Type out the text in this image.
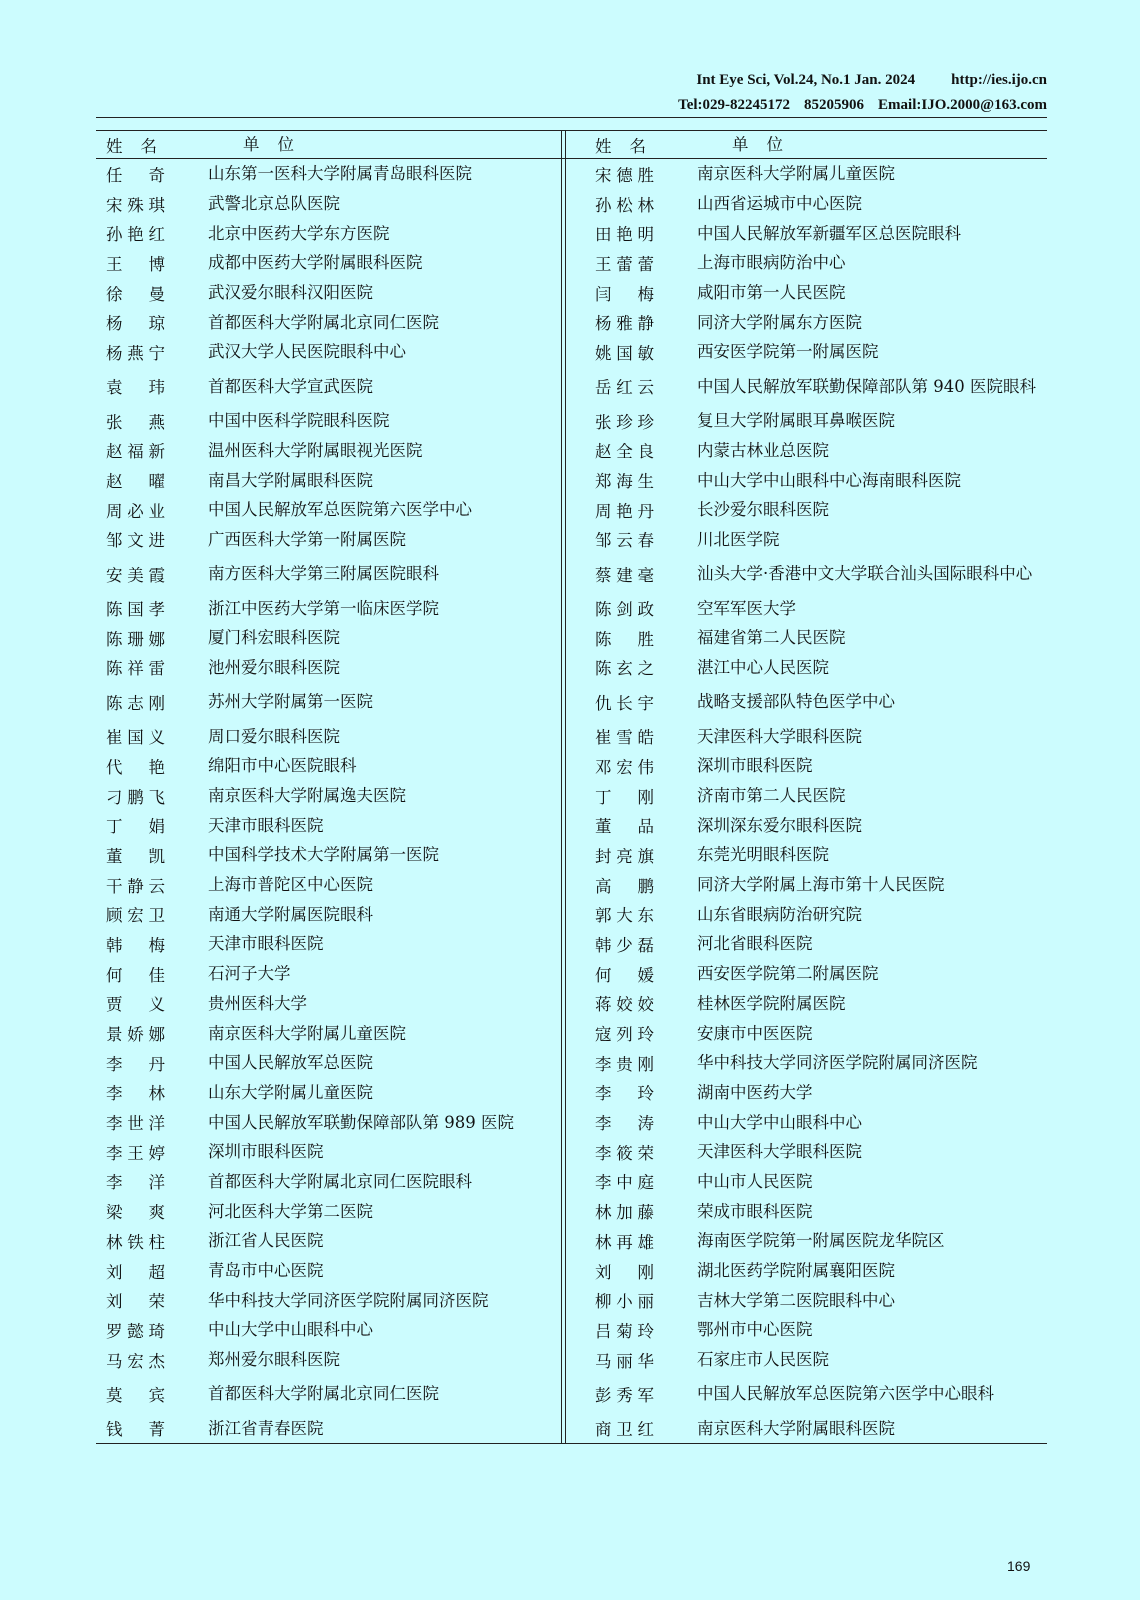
Int Eye Sci, Vol.24, No.1 Jan. 2024 http://ies.ijo.cn
Tel:029-82245172 85205906 Email:IJO.2000@163.com
姓名	单位	姓名	单位
任　奇	山东第一医科大学附属青岛眼科医院	宋德胜	南京医科大学附属儿童医院
宋殊琪	武警北京总队医院	孙松林	山西省运城市中心医院
孙艳红	北京中医药大学东方医院	田艳明	中国人民解放军新疆军区总医院眼科
王　博	成都中医药大学附属眼科医院	王蕾蕾	上海市眼病防治中心
徐　曼	武汉爱尔眼科汉阳医院	闫　梅	咸阳市第一人民医院
杨　琼	首都医科大学附属北京同仁医院	杨雅静	同济大学附属东方医院
杨燕宁	武汉大学人民医院眼科中心	姚国敏	西安医学院第一附属医院
袁　玮	首都医科大学宣武医院	岳红云	中国人民解放军联勤保障部队第 940 医院眼科
张　燕	中国中医科学院眼科医院	张珍珍	复旦大学附属眼耳鼻喉医院
赵福新	温州医科大学附属眼视光医院	赵全良	内蒙古林业总医院
赵　曜	南昌大学附属眼科医院	郑海生	中山大学中山眼科中心海南眼科医院
周必业	中国人民解放军总医院第六医学中心	周艳丹	长沙爱尔眼科医院
邹文进	广西医科大学第一附属医院	邹云春	川北医学院
安美霞	南方医科大学第三附属医院眼科	蔡建毫	汕头大学·香港中文大学联合汕头国际眼科中心
陈国孝	浙江中医药大学第一临床医学院	陈剑政	空军军医大学
陈珊娜	厦门科宏眼科医院	陈　胜	福建省第二人民医院
陈祥雷	池州爱尔眼科医院	陈玄之	湛江中心人民医院
陈志刚	苏州大学附属第一医院	仇长宇	战略支援部队特色医学中心
崔国义	周口爱尔眼科医院	崔雪皓	天津医科大学眼科医院
代　艳	绵阳市中心医院眼科	邓宏伟	深圳市眼科医院
刁鹏飞	南京医科大学附属逸夫医院	丁　刚	济南市第二人民医院
丁　娟	天津市眼科医院	董　品	深圳深东爱尔眼科医院
董　凯	中国科学技术大学附属第一医院	封亮旗	东莞光明眼科医院
干静云	上海市普陀区中心医院	高　鹏	同济大学附属上海市第十人民医院
顾宏卫	南通大学附属医院眼科	郭大东	山东省眼病防治研究院
韩　梅	天津市眼科医院	韩少磊	河北省眼科医院
何　佳	石河子大学	何　媛	西安医学院第二附属医院
贾　义	贵州医科大学	蒋姣姣	桂林医学院附属医院
景娇娜	南京医科大学附属儿童医院	寇列玲	安康市中医医院
李　丹	中国人民解放军总医院	李贵刚	华中科技大学同济医学院附属同济医院
李　林	山东大学附属儿童医院	李　玲	湖南中医药大学
李世洋	中国人民解放军联勤保障部队第 989 医院	李　涛	中山大学中山眼科中心
李王婷	深圳市眼科医院	李筱荣	天津医科大学眼科医院
李　洋	首都医科大学附属北京同仁医院眼科	李中庭	中山市人民医院
梁　爽	河北医科大学第二医院	林加藤	荣成市眼科医院
林铁柱	浙江省人民医院	林再雄	海南医学院第一附属医院龙华院区
刘　超	青岛市中心医院	刘　刚	湖北医药学院附属襄阳医院
刘　荣	华中科技大学同济医学院附属同济医院	柳小丽	吉林大学第二医院眼科中心
罗懿琦	中山大学中山眼科中心	吕菊玲	鄂州市中心医院
马宏杰	郑州爱尔眼科医院	马丽华	石家庄市人民医院
莫　宾	首都医科大学附属北京同仁医院	彭秀军	中国人民解放军总医院第六医学中心眼科
钱　菁	浙江省青春医院	商卫红	南京医科大学附属眼科医院
169
